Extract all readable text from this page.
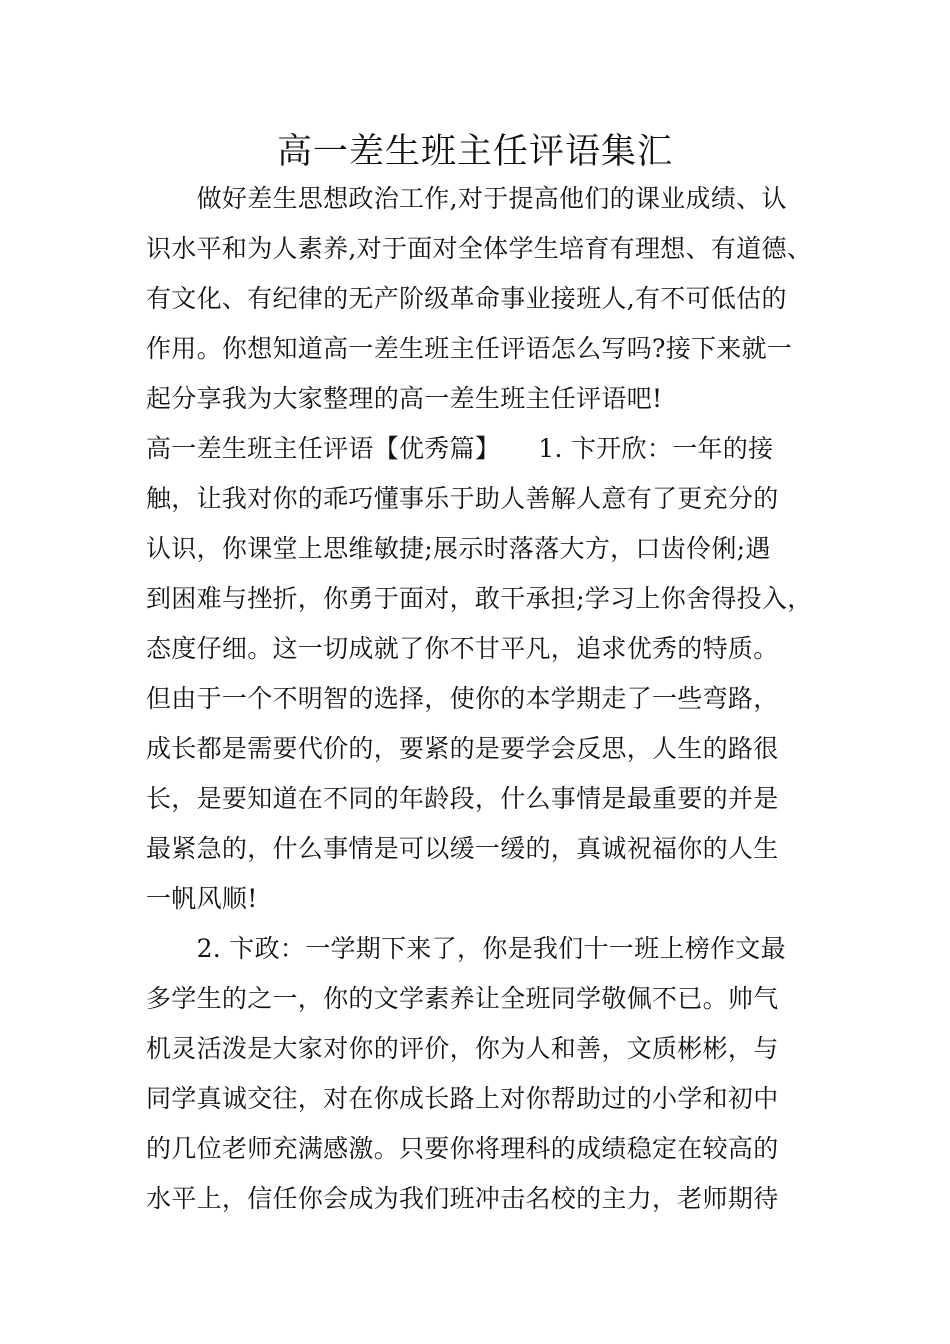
高一差生班主任评语集汇
　　做好差生思想政治工作,对于提高他们的课业成绩、认
识水平和为人素养,对于面对全体学生培育有理想、有道德、
有文化、有纪律的无产阶级革命事业接班人,有不可低估的
作用。你想知道高一差生班主任评语怎么写吗?接下来就一
起分享我为大家整理的高一差生班主任评语吧!
高一差生班主任评语【优秀篇】　　1. 卞开欣：一年的接
触，让我对你的乖巧懂事乐于助人善解人意有了更充分的
认识，你课堂上思维敏捷;展示时落落大方，口齿伶俐;遇
到困难与挫折，你勇于面对，敢干承担;学习上你舍得投入，
态度仔细。这一切成就了你不甘平凡，追求优秀的特质。
但由于一个不明智的选择，使你的本学期走了一些弯路，
成长都是需要代价的，要紧的是要学会反思，人生的路很
长，是要知道在不同的年龄段，什么事情是最重要的并是
最紧急的，什么事情是可以缓一缓的，真诚祝福你的人生
一帆风顺!
　　2. 卞政：一学期下来了，你是我们十一班上榜作文最
多学生的之一，你的文学素养让全班同学敬佩不已。帅气
机灵活泼是大家对你的评价，你为人和善，文质彬彬，与
同学真诚交往，对在你成长路上对你帮助过的小学和初中
的几位老师充满感激。只要你将理科的成绩稳定在较高的
水平上，信任你会成为我们班冲击名校的主力，老师期待
